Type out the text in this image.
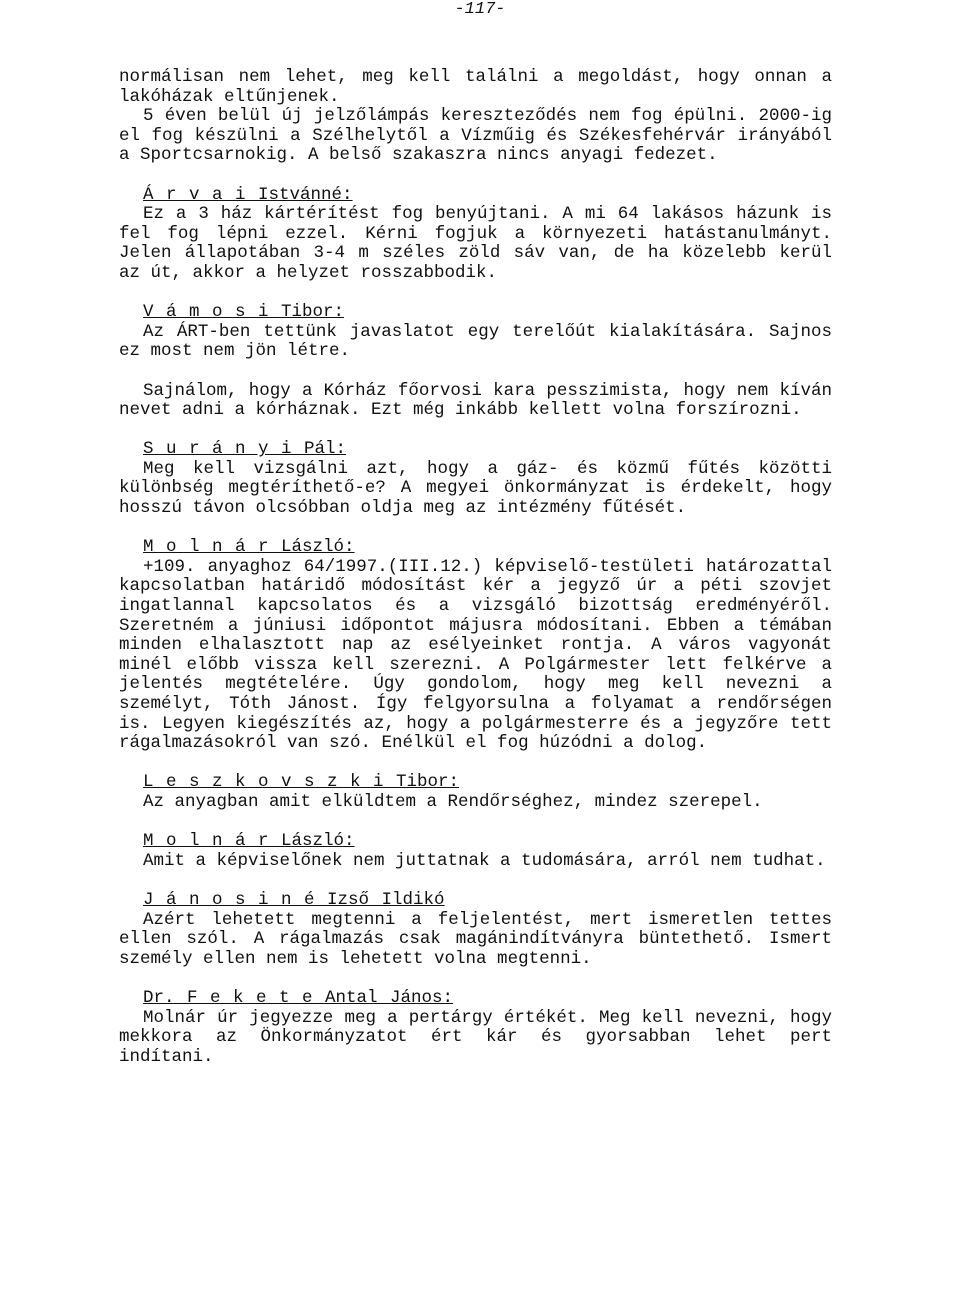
-117-

normálisan nem lehet, meg kell találni a megoldást, hogy onnan a lakóházak eltűnjenek.

5 éven belül új jelzőlámpás kereszteződés nem fog épülni. 2000-ig el fog készülni a Szélhelytől a Vízműig és Székesfehérvár irányából a Sportcsarnokig. A belső szakaszra nincs anyagi fedezet.

Á r v a i Istvánné:

Ez a 3 ház kártérítést fog benyújtani. A mi 64 lakásos házunk is fel fog lépni ezzel. Kérni fogjuk a környezeti hatástanulmányt. Jelen állapotában 3-4 m széles zöld sáv van, de ha közelebb kerül az út, akkor a helyzet rosszabbodik.

V á m o s i Tibor:

Az ÁRT-ben tettünk javaslatot egy terelőút kialakítására. Sajnos ez most nem jön létre.

Sajnálom, hogy a Kórház főorvosi kara pesszimista, hogy nem kíván nevet adni a kórháznak. Ezt még inkább kellett volna forszírozni.

S u r á n y i Pál:

Meg kell vizsgálni azt, hogy a gáz- és közmű fűtés közötti különbség megtéríthető-e? A megyei önkormányzat is érdekelt, hogy hosszú távon olcsóbban oldja meg az intézmény fűtését.

M o l n á r László:

+109. anyaghoz 64/1997.(III.12.) képviselő-testületi határozattal kapcsolatban határidő módosítást kér a jegyző úr a péti szovjet ingatlannal kapcsolatos és a vizsgáló bizottság eredményéről. Szeretném a júniusi időpontot májusra módosítani. Ebben a témában minden elhalasztott nap az esélyeinket rontja. A város vagyonát minél előbb vissza kell szerezni. A Polgármester lett felkérve a jelentés megtételére. Úgy gondolom, hogy meg kell nevezni a személyt, Tóth Jánost. Így felgyorsulna a folyamat a rendőrségen is. Legyen kiegészítés az, hogy a polgármesterre és a jegyzőre tett rágalmazásokról van szó. Enélkül el fog húzódni a dolog.

L e s z k o v s z k i Tibor:

Az anyagban amit elküldtem a Rendőrséghez, mindez szerepel.

M o l n á r László:

Amit a képviselőnek nem juttatnak a tudomására, arról nem tudhat.

J á n o s i n é Izső Ildikó

Azért lehetett megtenni a feljelentést, mert ismeretlen tettes ellen szól. A rágalmazás csak magánindítványra büntethető. Ismert személy ellen nem is lehetett volna megtenni.

Dr. F e k e t e Antal János:

Molnár úr jegyezze meg a pertárgy értékét. Meg kell nevezni, hogy mekkora az Önkormányzatot ért kár és gyorsabban lehet pert indítani.
